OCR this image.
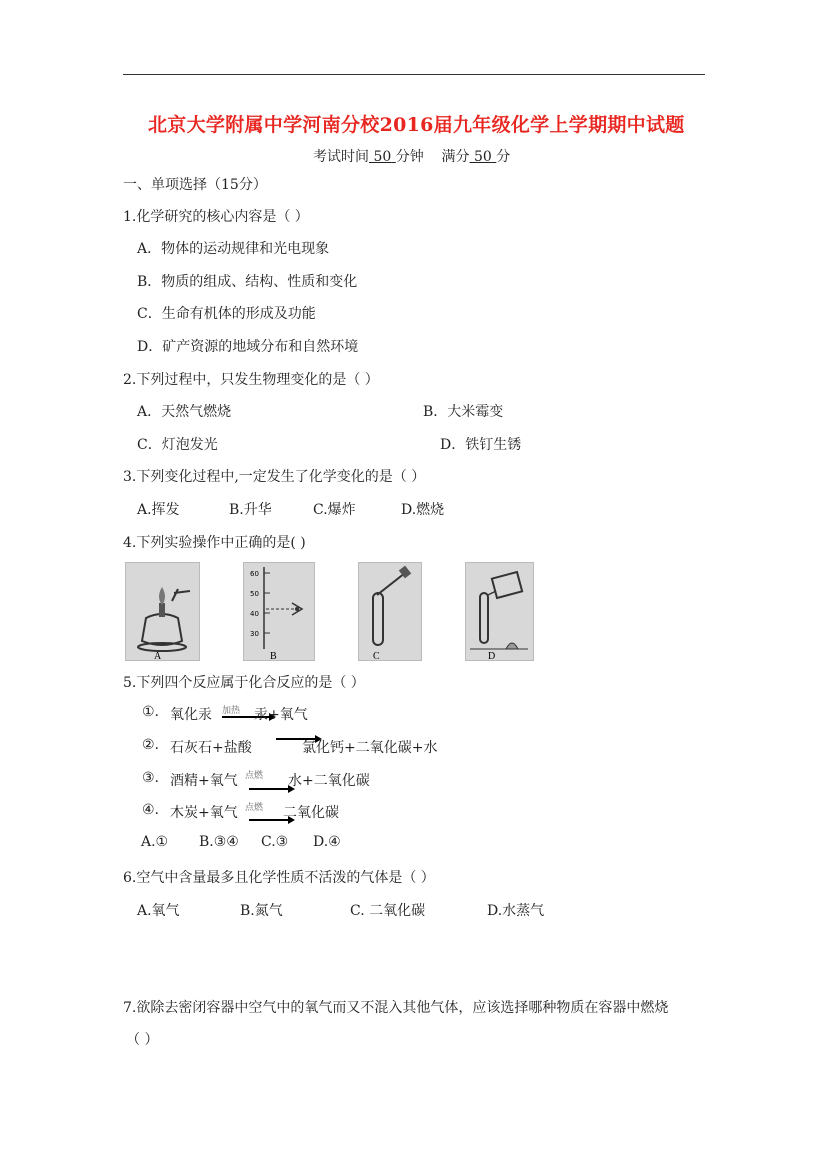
北京大学附属中学河南分校2016届九年级化学上学期期中试题
考试时间 50 分钟 满分 50 分
一、单项选择（15分）
1.化学研究的核心内容是（ ）
A．物体的运动规律和光电现象
B．物质的组成、结构、性质和变化
C．生命有机体的形成及功能
D．矿产资源的地域分布和自然环境
2.下列过程中，只发生物理变化的是（ ）
A．天然气燃烧	B．大米霉变
C．灯泡发光	D．铁钉生锈
3.下列变化过程中,一定发生了化学变化的是（ ）
A.挥发	B.升华	C.爆炸	D.燃烧
4.下列实验操作中正确的是( )
A
60
50
40
30
B	C	D
5.下列四个反应属于化合反应的是（ ）
①. 氧化汞 加热 汞+氧气
②. 石灰石+盐酸	氯化钙+二氧化碳+水
③. 酒精+氧气 点燃 水+二氧化碳
④. 木炭+氧气 点燃 二氧化碳
A.① B.③④ C.③ D.④
6.空气中含量最多且化学性质不活泼的气体是（ ）
A.氧气	B.氮气	C. 二氧化碳	D.水蒸气
7.欲除去密闭容器中空气中的氧气而又不混入其他气体，应该选择哪种物质在容器中燃烧
（ ）
